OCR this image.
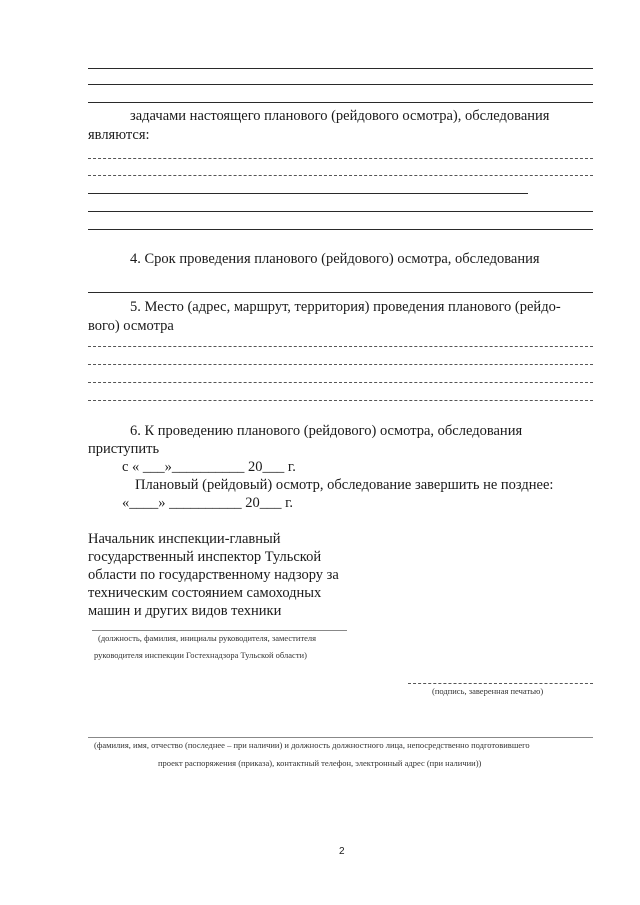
задачами настоящего планового (рейдового осмотра), обследования
являются:
4. Срок проведения планового (рейдового) осмотра, обследования
5. Место (адрес, маршрут, территория) проведения планового (рейдо-
вого) осмотра
6. К проведению планового (рейдового) осмотра, обследования
приступить
с « ___»__________ 20___ г.
Плановый (рейдовый) осмотр, обследование завершить не позднее:
«____» __________ 20___ г.
Начальник инспекции-главный
государственный инспектор Тульской
области по государственному надзору за
техническим состоянием самоходных
машин и других видов техники
(должность, фамилия, инициалы руководителя, заместителя
руководителя инспекции Гостехнадзора Тульской области)
(подпись, заверенная печатью)
(фамилия, имя, отчество (последнее – при наличии) и должность должностного лица, непосредственно подготовившего
проект распоряжения (приказа), контактный телефон, электронный адрес (при наличии))
2
